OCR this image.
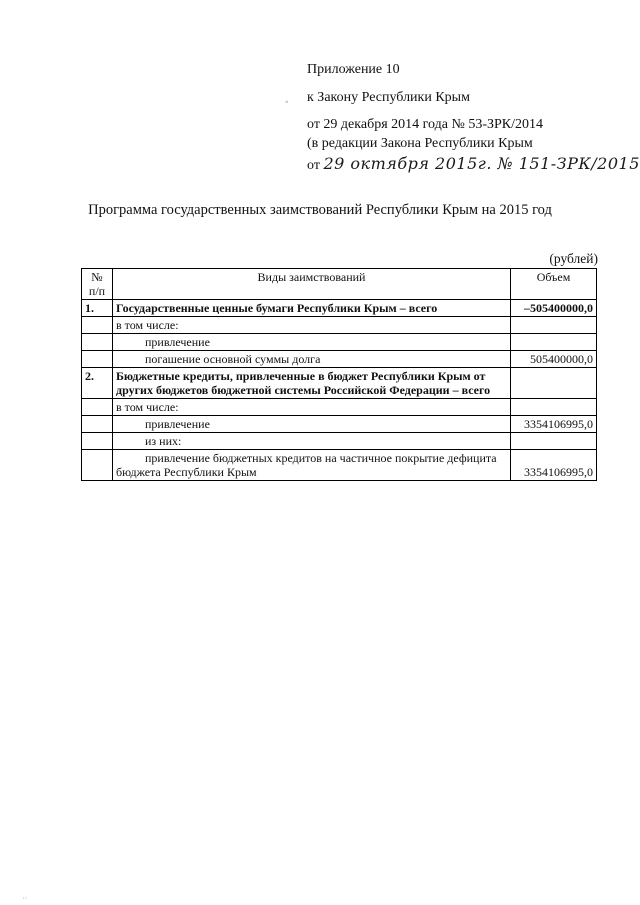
Приложение 10
к Закону Республики Крым
от 29 декабря 2014 года № 53-ЗРК/2014
(в редакции Закона Республики Крым
от 29 октября 2015г. № 151-ЗРК/2015
◦
Программа государственных заимствований Республики Крым на 2015 год
(рублей)
№ п/п	Виды заимствований	Объем
1.	Государственные ценные бумаги Республики Крым – всего	–505400000,0
	в том числе:	
	привлечение	
	погашение основной суммы долга	505400000,0
2.	Бюджетные кредиты, привлеченные в бюджет Республики Крым от других бюджетов бюджетной системы Российской Федерации – всего	
	в том числе:	
	привлечение	3354106995,0
	из них:	
	привлечение бюджетных кредитов на частичное покрытие дефицита бюджета Республики Крым	3354106995,0
··
